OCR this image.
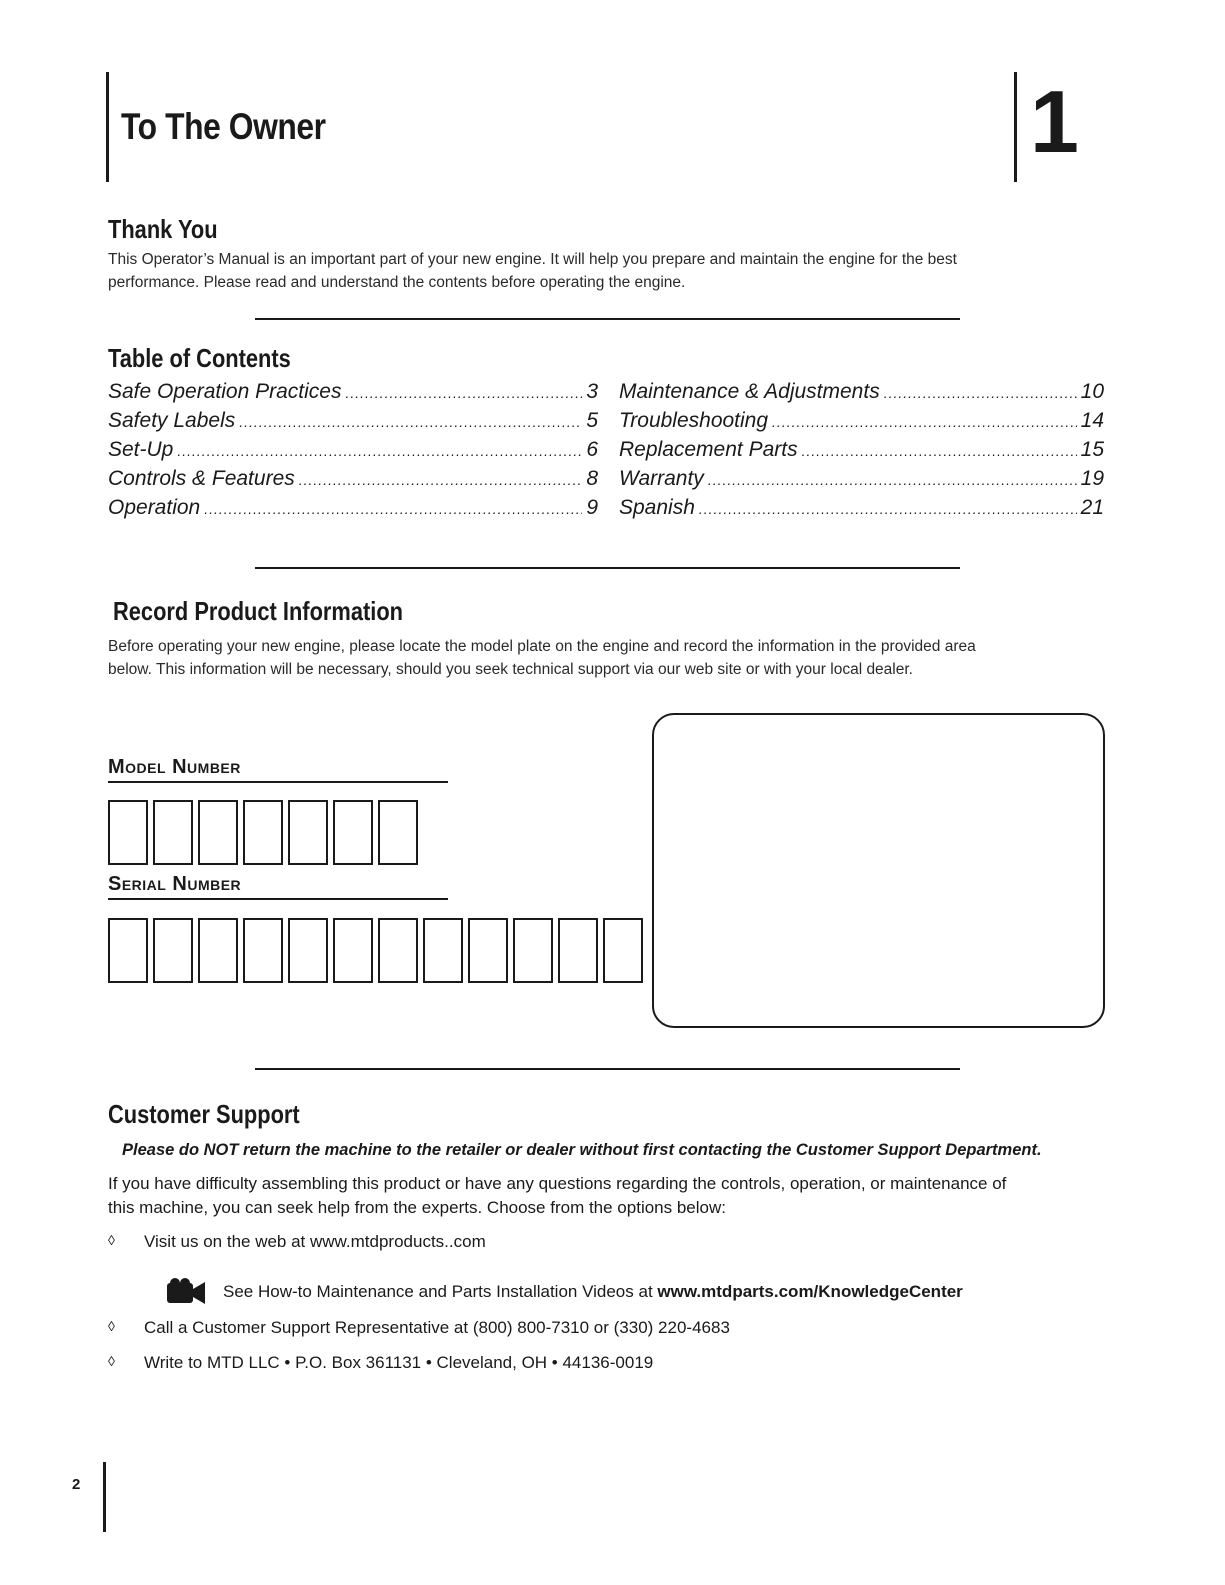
To The Owner	1
Thank You
This Operator’s Manual is an important part of your new engine. It will help you prepare and maintain the engine for the best
performance. Please read and understand the contents before operating the engine.
Table of Contents
Safe Operation Practices .....	3
Safety Labels .....	5
Set-Up .....	6
Controls & Features .....	8
Operation .....	9
Maintenance & Adjustments .....	10
Troubleshooting .....	14
Replacement Parts .....	15
Warranty .....	19
Spanish .....	21
Record Product Information
Before operating your new engine, please locate the model plate on the engine and record the information in the provided area
below. This information will be necessary, should you seek technical support via our web site or with your local dealer.
Model Number
Serial Number
Customer Support
Please do NOT return the machine to the retailer or dealer without first contacting the Customer Support Department.
If you have difficulty assembling this product or have any questions regarding the controls, operation, or maintenance of
this machine, you can seek help from the experts. Choose from the options below:
◊	Visit us on the web at www.mtdproducts..com
See How-to Maintenance and Parts Installation Videos at www.mtdparts.com/KnowledgeCenter
◊	Call a Customer Support Representative at (800) 800-7310 or (330) 220-4683
◊	Write to MTD LLC • P.O. Box 361131 • Cleveland, OH • 44136-0019
2
